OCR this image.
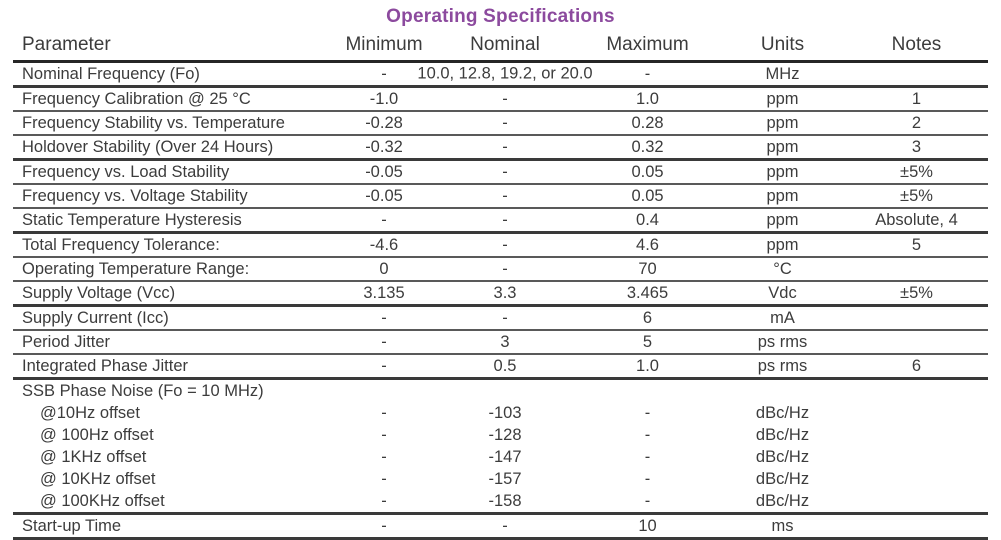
Operating Specifications
Parameter	Minimum	Nominal	Maximum	Units	Notes
Nominal Frequency (Fo)	-	10.0, 12.8, 19.2, or 20.0	-	MHz	
Frequency Calibration @ 25 °C	-1.0	-	1.0	ppm	1
Frequency Stability vs. Temperature	-0.28	-	0.28	ppm	2
Holdover Stability (Over 24 Hours)	-0.32	-	0.32	ppm	3
Frequency vs. Load Stability	-0.05	-	0.05	ppm	±5%
Frequency vs. Voltage Stability	-0.05	-	0.05	ppm	±5%
Static Temperature Hysteresis	-	-	0.4	ppm	Absolute, 4
Total Frequency Tolerance:	-4.6	-	4.6	ppm	5
Operating Temperature Range:	0	-	70	°C	
Supply Voltage (Vcc)	3.135	3.3	3.465	Vdc	±5%
Supply Current (Icc)	-	-	6	mA	
Period Jitter	-	3	5	ps rms	
Integrated Phase Jitter	-	0.5	1.0	ps rms	6
SSB Phase Noise (Fo = 10 MHz)					
@10Hz offset	-	-103	-	dBc/Hz	
@ 100Hz offset	-	-128	-	dBc/Hz	
@ 1KHz offset	-	-147	-	dBc/Hz	
@ 10KHz offset	-	-157	-	dBc/Hz	
@ 100KHz offset	-	-158	-	dBc/Hz	
Start-up Time	-	-	10	ms	
